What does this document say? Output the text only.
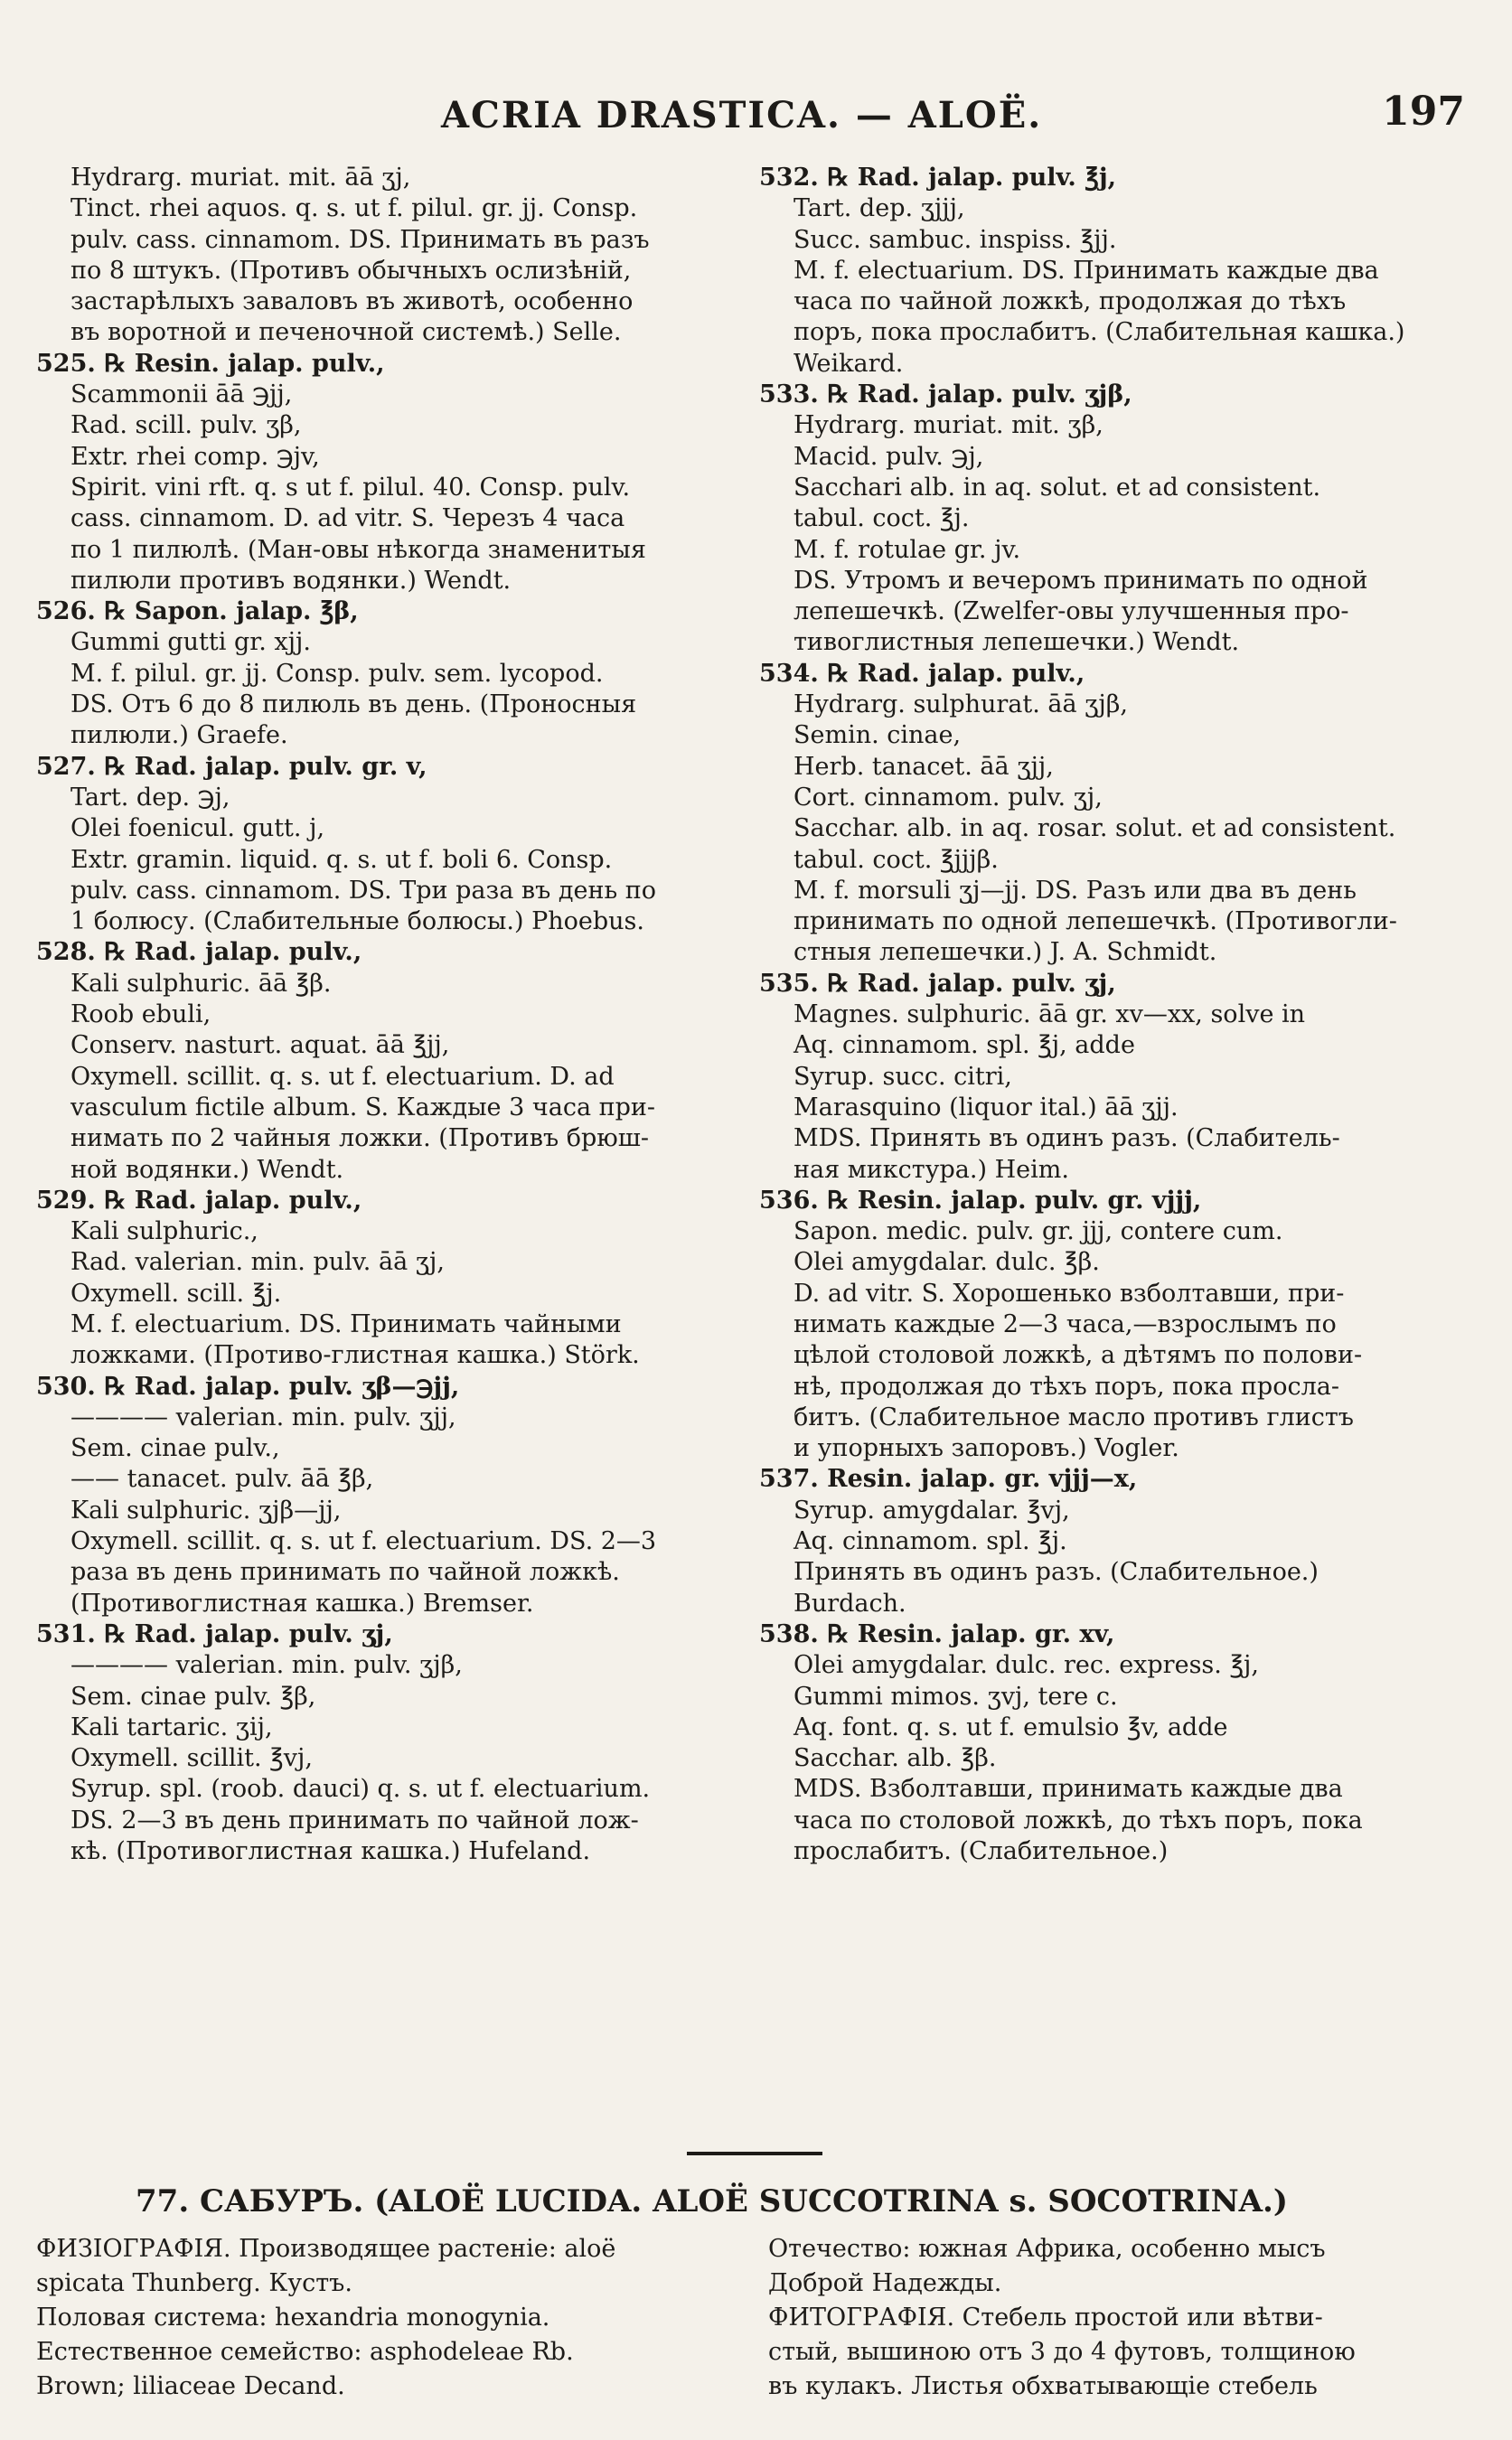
ACRIA DRASTICA. — ALOË.	197
Hydrarg. muriat. mit. āā ʒj,
Tinct. rhei aquos. q. s. ut f. pilul. gr. jj. Consp.
pulv. cass. cinnamom. DS. Принимать въ разъ
по 8 штукъ. (Противъ обычныхъ ослизѣній,
застарѣлыхъ заваловъ въ животѣ, особенно
въ воротной и печеночной системѣ.) Selle.
525. ℞ Resin. jalap. pulv.,
Scammonii āā ℈jj,
Rad. scill. pulv. ʒβ,
Extr. rhei comp. ℈jv,
Spirit. vini rft. q. s ut f. pilul. 40. Consp. pulv.
cass. cinnamom. D. ad vitr. S. Черезъ 4 часа
по 1 пилюлѣ. (Ман-овы нѣкогда знаменитыя
пилюли противъ водянки.) Wendt.
526. ℞ Sapon. jalap. ℥β,
Gummi gutti gr. xjj.
M. f. pilul. gr. jj. Consp. pulv. sem. lycopod.
DS. Отъ 6 до 8 пилюль въ день. (Проносныя
пилюли.) Graefe.
527. ℞ Rad. jalap. pulv. gr. v,
Tart. dep. ℈j,
Olei foenicul. gutt. j,
Extr. gramin. liquid. q. s. ut f. boli 6. Consp.
pulv. cass. cinnamom. DS. Три раза въ день по
1 болюсу. (Слабительные болюсы.) Phoebus.
528. ℞ Rad. jalap. pulv.,
Kali sulphuric. āā ℥β.
Roob ebuli,
Conserv. nasturt. aquat. āā ℥jj,
Oxymell. scillit. q. s. ut f. electuarium. D. ad
vasculum fictile album. S. Каждые 3 часа при-
нимать по 2 чайныя ложки. (Противъ брюш-
ной водянки.) Wendt.
529. ℞ Rad. jalap. pulv.,
Kali sulphuric.,
Rad. valerian. min. pulv. āā ʒj,
Oxymell. scill. ℥j.
M. f. electuarium. DS. Принимать чайными
ложками. (Противо-глистная кашка.) Störk.
530. ℞ Rad. jalap. pulv. ʒβ—℈jj,
———— valerian. min. pulv. ʒjj,
Sem. cinae pulv.,
—— tanacet. pulv. āā ℥β,
Kali sulphuric. ʒjβ—jj,
Oxymell. scillit. q. s. ut f. electuarium. DS. 2—3
раза въ день принимать по чайной ложкѣ.
(Противоглистная кашка.) Bremser.
531. ℞ Rad. jalap. pulv. ʒj,
———— valerian. min. pulv. ʒjβ,
Sem. cinae pulv. ℥β,
Kali tartaric. ʒij,
Oxymell. scillit. ℥vj,
Syrup. spl. (roob. dauci) q. s. ut f. electuarium.
DS. 2—3 въ день принимать по чайной лож-
кѣ. (Противоглистная кашка.) Hufeland.
532. ℞ Rad. jalap. pulv. ℥j,
Tart. dep. ʒjjj,
Succ. sambuc. inspiss. ℥jj.
M. f. electuarium. DS. Принимать каждые два
часа по чайной ложкѣ, продолжая до тѣхъ
поръ, пока прослабитъ. (Слабительная кашка.)
Weikard.
533. ℞ Rad. jalap. pulv. ʒjβ,
Hydrarg. muriat. mit. ʒβ,
Macid. pulv. ℈j,
Sacchari alb. in aq. solut. et ad consistent.
tabul. coct. ℥j.
M. f. rotulae gr. jv.
DS. Утромъ и вечеромъ принимать по одной
лепешечкѣ. (Zwelfer-овы улучшенныя про-
тивоглистныя лепешечки.) Wendt.
534. ℞ Rad. jalap. pulv.,
Hydrarg. sulphurat. āā ʒjβ,
Semin. cinae,
Herb. tanacet. āā ʒjj,
Cort. cinnamom. pulv. ʒj,
Sacchar. alb. in aq. rosar. solut. et ad consistent.
tabul. coct. ℥jjjβ.
M. f. morsuli ʒj—jj. DS. Разъ или два въ день
принимать по одной лепешечкѣ. (Противогли-
стныя лепешечки.) J. A. Schmidt.
535. ℞ Rad. jalap. pulv. ʒj,
Magnes. sulphuric. āā gr. xv—xx, solve in
Aq. cinnamom. spl. ℥j, adde
Syrup. succ. citri,
Marasquino (liquor ital.) āā ʒjj.
MDS. Принять въ одинъ разъ. (Слабитель-
ная микстура.) Heim.
536. ℞ Resin. jalap. pulv. gr. vjjj,
Sapon. medic. pulv. gr. jjj, contere cum.
Olei amygdalar. dulc. ℥β.
D. ad vitr. S. Хорошенько взболтавши, при-
нимать каждые 2—3 часа,—взрослымъ по
цѣлой столовой ложкѣ, а дѣтямъ по полови-
нѣ, продолжая до тѣхъ поръ, пока просла-
битъ. (Слабительное масло противъ глистъ
и упорныхъ запоровъ.) Vogler.
537. Resin. jalap. gr. vjjj—x,
Syrup. amygdalar. ℥vj,
Aq. cinnamom. spl. ℥j.
Принять въ одинъ разъ. (Слабительное.)
Burdach.
538. ℞ Resin. jalap. gr. xv,
Olei amygdalar. dulc. rec. express. ℥j,
Gummi mimos. ʒvj, tere c.
Aq. font. q. s. ut f. emulsio ℥v, adde
Sacchar. alb. ℥β.
MDS. Взболтавши, принимать каждые два
часа по столовой ложкѣ, до тѣхъ поръ, пока
прослабитъ. (Слабительное.)
77. САБУРЪ. (ALOË LUCIDA. ALOË SUCCOTRINA s. SOCOTRINA.)
ФИЗІОГРАФІЯ. Производящее растеніе: aloë
spicata Thunberg. Кустъ.
Половая система: hexandria monogynia.
Естественное семейство: asphodeleae Rb.
Brown; liliaceae Decand.
Отечество: южная Африка, особенно мысъ
Доброй Надежды.
ФИТОГРАФІЯ. Стебель простой или вѣтви-
стый, вышиною отъ 3 до 4 футовъ, толщиною
въ кулакъ. Листья обхватывающіе стебель
